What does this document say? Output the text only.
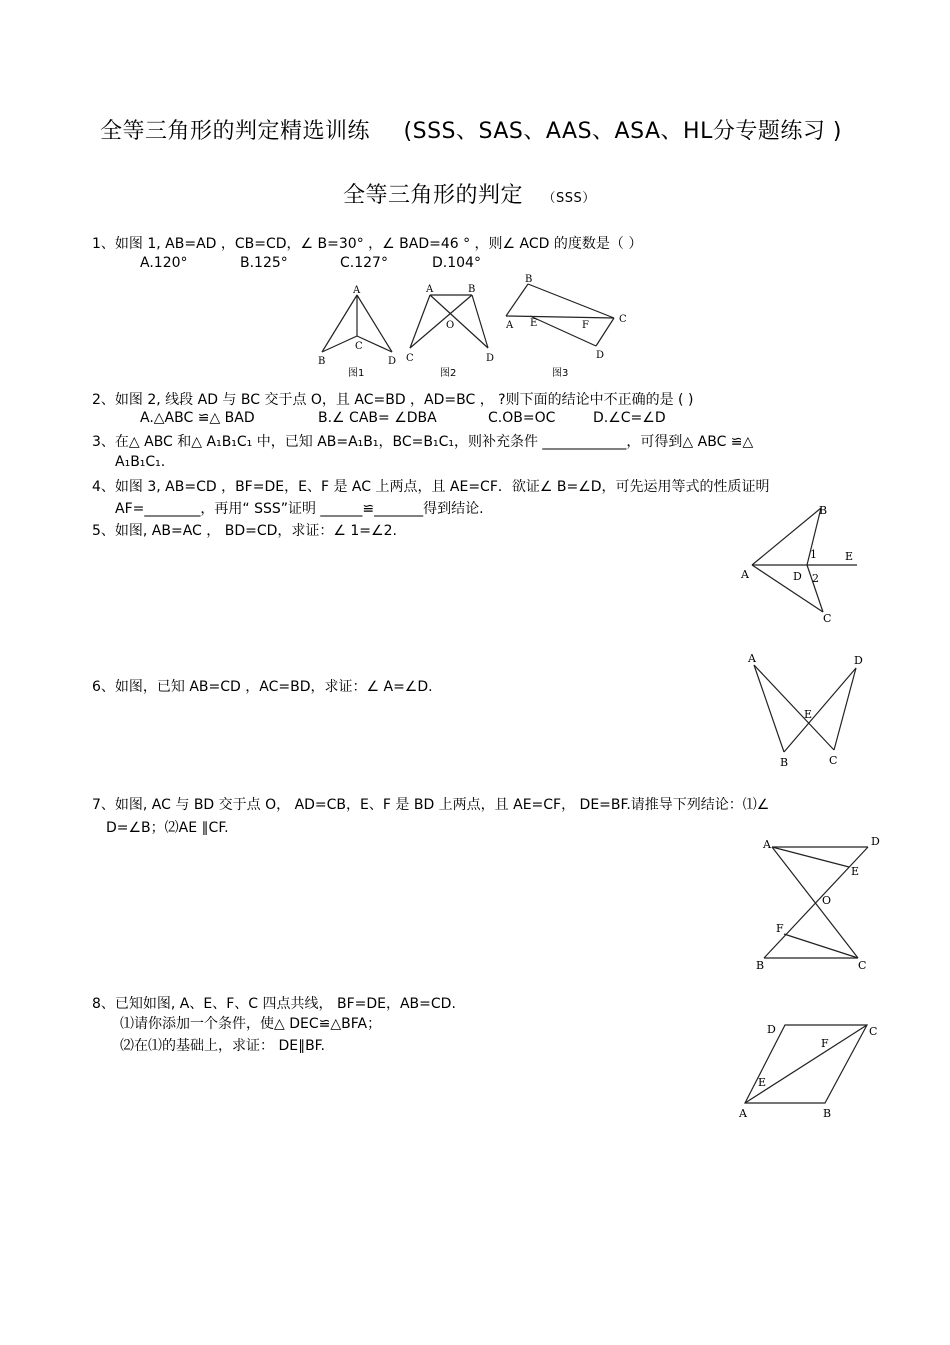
全等三角形的判定精选训练 (SSS、SAS、AAS、ASA、HL分专题练习 )
全等三角形的判定 （SSS）
1、如图 1, AB=AD ，CB=CD，∠ B=30° ，∠ BAD=46 ° ，则∠ ACD 的度数是（ ）
A.120°	B.125°	C.127°	D.104°
A
B
C
D
图1
A	B
O
C	D
图2
B
A E	F
C
D
图3
2、如图 2, 线段 AD 与 BC 交于点 O，且 AC=BD ，AD=BC ， ?则下面的结论中不正确的是 ( )
A.△ABC ≌△ BAD	B.∠ CAB= ∠DBA	C.OB=OC	D.∠C=∠D
3、在△ ABC 和△ A₁B₁C₁ 中，已知 AB=A₁B₁，BC=B₁C₁，则补充条件 ____________，可得到△ ABC ≌△
A₁B₁C₁.
4、如图 3, AB=CD ，BF=DE，E、F 是 AC 上两点，且 AE=CF．欲证∠ B=∠D，可先运用等式的性质证明
AF=________，再用“ SSS”证明 ______≌_______得到结论.
5、如图, AB=AC ， BD=CD，求证：∠ 1=∠2.
B
A
1	E
D 2
C
6、如图，已知 AB=CD ，AC=BD，求证：∠ A=∠D.
A	D
E
B	C
7、如图, AC 与 BD 交于点 O， AD=CB，E、F 是 BD 上两点，且 AE=CF， DE=BF.请推导下列结论：⑴∠
D=∠B；⑵AE ∥CF.
A	D
E
O
F
B	C
8、已知如图, A、E、F、C 四点共线， BF=DE，AB=CD.
⑴请你添加一个条件，使△ DEC≌△BFA；
⑵在⑴的基础上，求证： DE∥BF.
D	C
F
E
A	B
